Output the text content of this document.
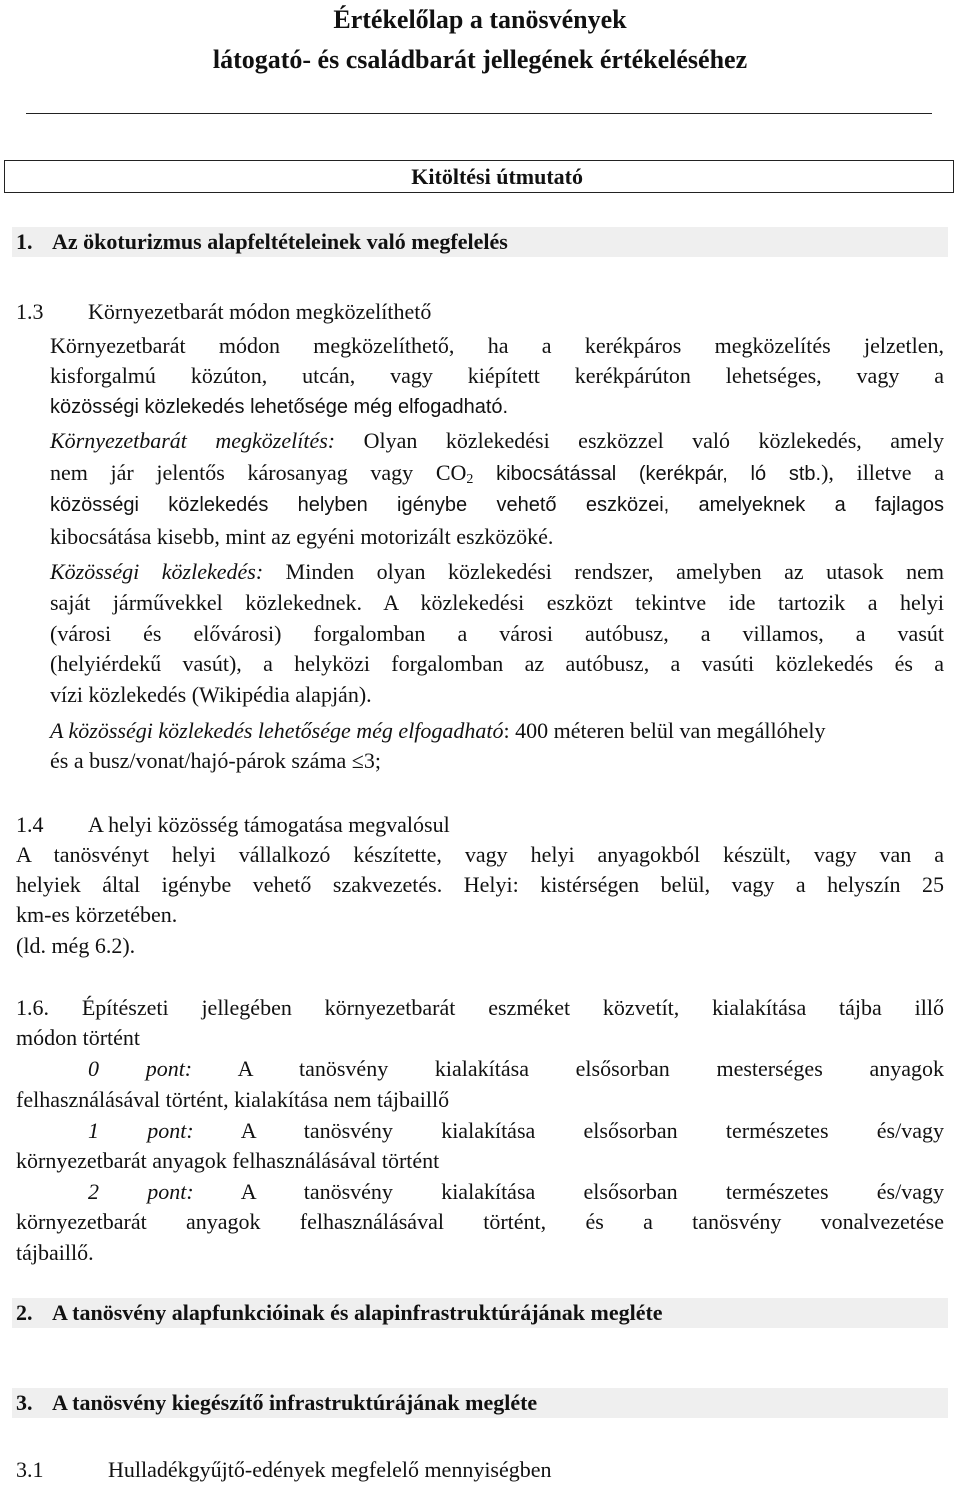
Értékelőlap a tanösvények
látogató- és családbarát jellegének értékeléséhez
Kitöltési útmutató
1. Az ökoturizmus alapfeltételeinek való megfelelés
1.3 Környezetbarát módon megközelíthető
Környezetbarát módon megközelíthető, ha a kerékpáros megközelítés jelzetlen,
kisforgalmú közúton, utcán, vagy kiépített kerékpárúton lehetséges, vagy a
közösségi közlekedés lehetősége még elfogadható.
Környezetbarát megközelítés: Olyan közlekedési eszközzel való közlekedés, amely
nem jár jelentős károsanyag vagy $CO_2$ kibocsátással (kerékpár, ló stb.), illetve a
közösségi közlekedés helyben igénybe vehető eszközei, amelyeknek a fajlagos
kibocsátása kisebb, mint az egyéni motorizált eszközöké.
Közösségi közlekedés: Minden olyan közlekedési rendszer, amelyben az utasok nem
saját járművekkel közlekednek. A közlekedési eszközt tekintve ide tartozik a helyi
(városi és elővárosi) forgalomban a városi autóbusz, a villamos, a vasút
(helyiérdekű vasút), a helyközi forgalomban az autóbusz, a vasúti közlekedés és a
vízi közlekedés (Wikipédia alapján).
A közösségi közlekedés lehetősége még elfogadható: 400 méteren belül van megállóhely
és a busz/vonat/hajó-párok száma ≤3;
1.4 A helyi közösség támogatása megvalósul
A tanösvényt helyi vállalkozó készítette, vagy helyi anyagokból készült, vagy van a
helyiek által igénybe vehető szakvezetés. Helyi: kistérségen belül, vagy a helyszín 25
km-es körzetében.
(ld. még 6.2).
1.6. Építészeti jellegében környezetbarát eszméket közvetít, kialakítása tájba illő
módon történt
0 pont: A tanösvény kialakítása elsősorban mesterséges anyagok
felhasználásával történt, kialakítása nem tájbaillő
1 pont: A tanösvény kialakítása elsősorban természetes és/vagy
környezetbarát anyagok felhasználásával történt
2 pont: A tanösvény kialakítása elsősorban természetes és/vagy
környezetbarát anyagok felhasználásával történt, és a tanösvény vonalvezetése
tájbaillő.
2. A tanösvény alapfunkcióinak és alapinfrastruktúrájának megléte
3. A tanösvény kiegészítő infrastruktúrájának megléte
3.1	Hulladékgyűjtő-edények megfelelő mennyiségben
